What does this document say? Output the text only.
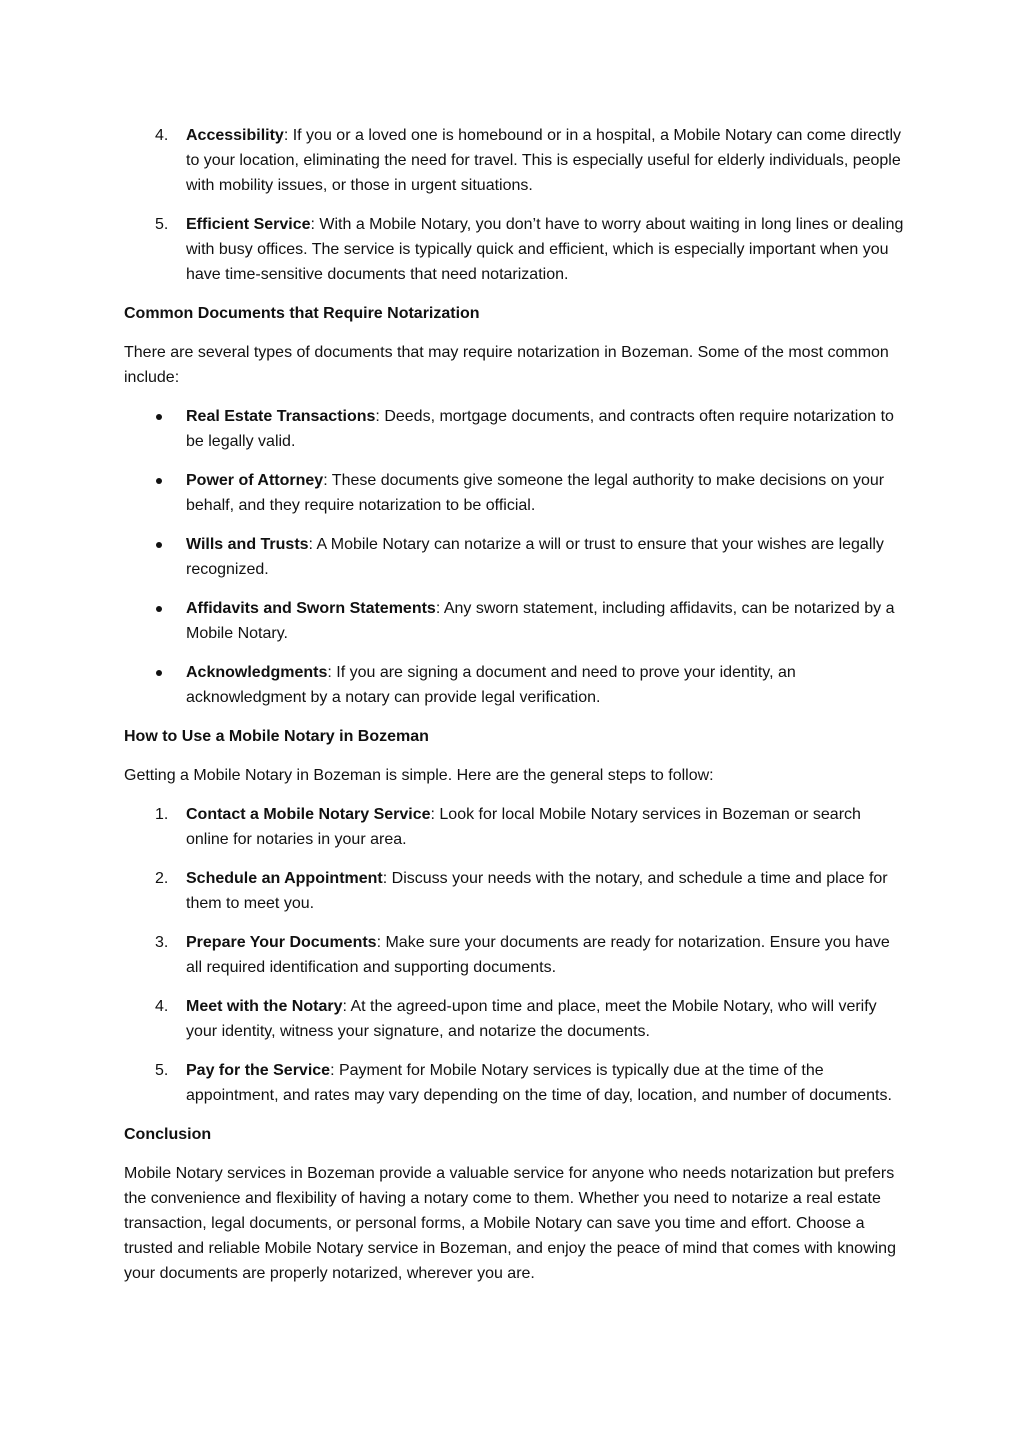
4. Accessibility: If you or a loved one is homebound or in a hospital, a Mobile Notary can come directly to your location, eliminating the need for travel. This is especially useful for elderly individuals, people with mobility issues, or those in urgent situations.
5. Efficient Service: With a Mobile Notary, you don’t have to worry about waiting in long lines or dealing with busy offices. The service is typically quick and efficient, which is especially important when you have time-sensitive documents that need notarization.
Common Documents that Require Notarization

There are several types of documents that may require notarization in Bozeman. Some of the most common include:

Real Estate Transactions: Deeds, mortgage documents, and contracts often require notarization to be legally valid.
Power of Attorney: These documents give someone the legal authority to make decisions on your behalf, and they require notarization to be official.
Wills and Trusts: A Mobile Notary can notarize a will or trust to ensure that your wishes are legally recognized.
Affidavits and Sworn Statements: Any sworn statement, including affidavits, can be notarized by a Mobile Notary.
Acknowledgments: If you are signing a document and need to prove your identity, an acknowledgment by a notary can provide legal verification.
How to Use a Mobile Notary in Bozeman

Getting a Mobile Notary in Bozeman is simple. Here are the general steps to follow:

1. Contact a Mobile Notary Service: Look for local Mobile Notary services in Bozeman or search online for notaries in your area.
2. Schedule an Appointment: Discuss your needs with the notary, and schedule a time and place for them to meet you.
3. Prepare Your Documents: Make sure your documents are ready for notarization. Ensure you have all required identification and supporting documents.
4. Meet with the Notary: At the agreed-upon time and place, meet the Mobile Notary, who will verify your identity, witness your signature, and notarize the documents.
5. Pay for the Service: Payment for Mobile Notary services is typically due at the time of the appointment, and rates may vary depending on the time of day, location, and number of documents.
Conclusion

Mobile Notary services in Bozeman provide a valuable service for anyone who needs notarization but prefers the convenience and flexibility of having a notary come to them. Whether you need to notarize a real estate transaction, legal documents, or personal forms, a Mobile Notary can save you time and effort. Choose a trusted and reliable Mobile Notary service in Bozeman, and enjoy the peace of mind that comes with knowing your documents are properly notarized, wherever you are.
